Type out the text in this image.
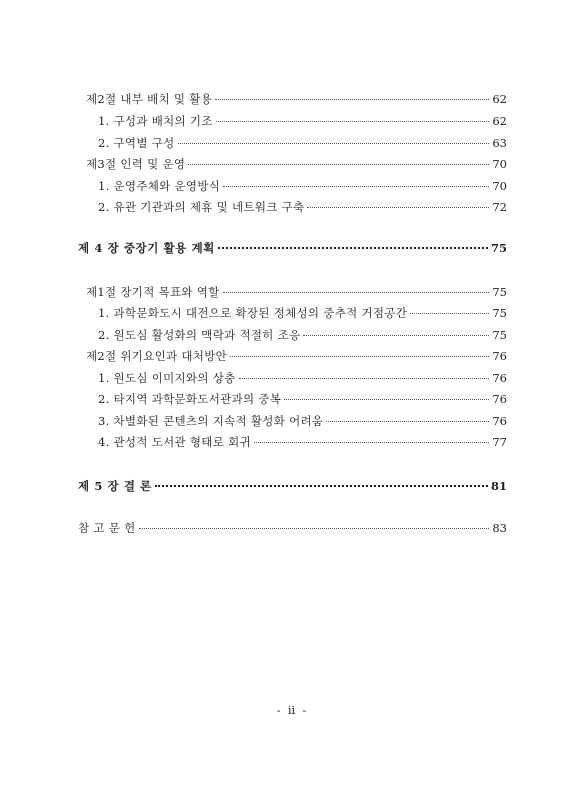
제2절 내부 배치 및 활용	62
1. 구성과 배치의 기조	62
2. 구역별 구성	63
제3절 인력 및 운영	70
1. 운영주체와 운영방식	70
2. 유관 기관과의 제휴 및 네트워크 구축	72
제 4 장 중장기 활용 계획	75
제1절 장기적 목표와 역할	75
1. 과학문화도시 대전으로 확장된 정체성의 중추적 거점공간	75
2. 원도심 활성화의 맥락과 적절히 조응	75
제2절 위기요인과 대처방안	76
1. 원도심 이미지와의 상충	76
2. 타지역 과학문화도서관과의 중복	76
3. 차별화된 콘텐츠의 지속적 활성화 어려움	76
4. 관성적 도서관 형태로 회귀	77
제 5 장 결 론	81
참 고 문 헌	83
- ⅱ -
